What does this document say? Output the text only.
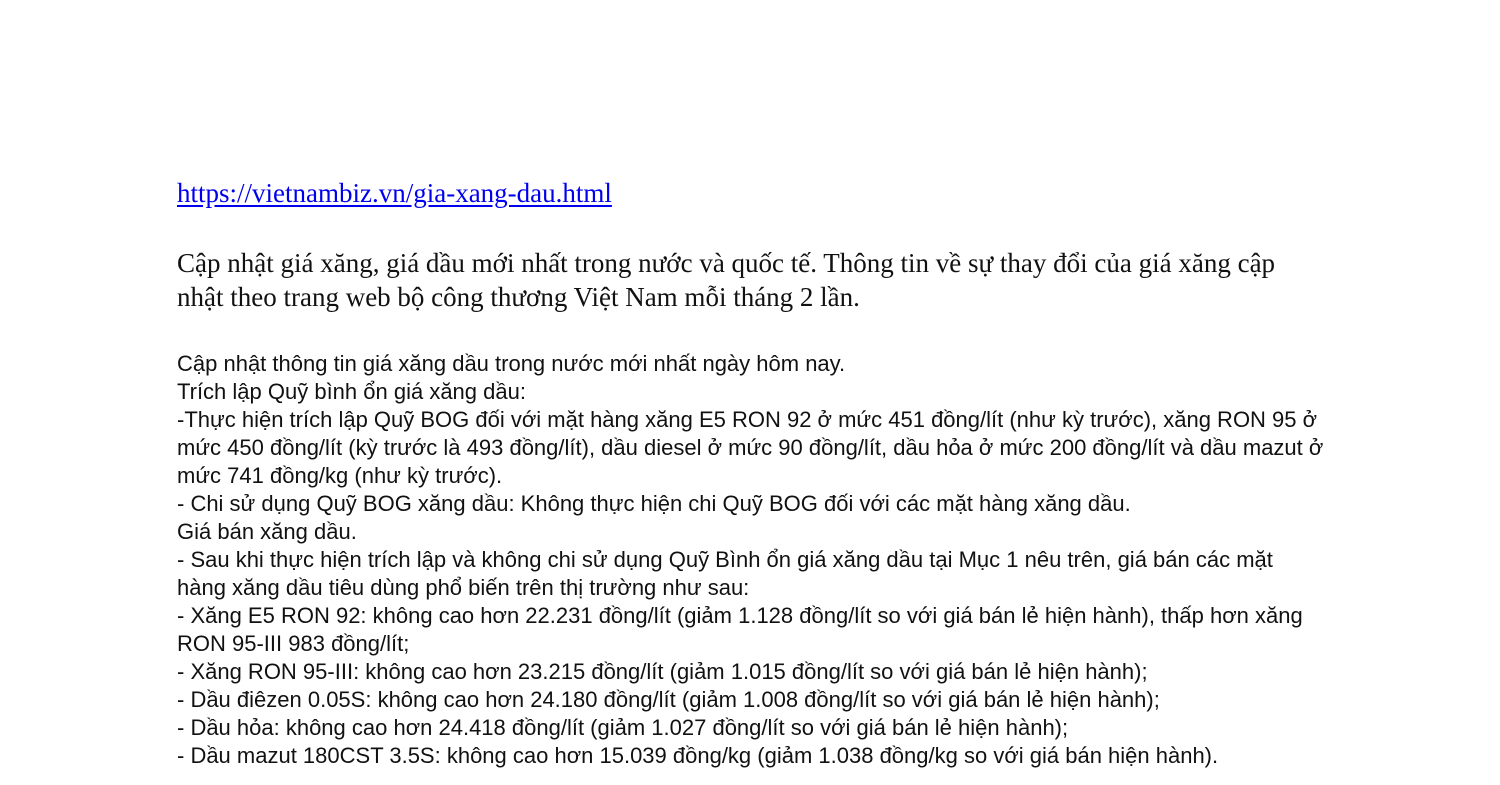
https://vietnambiz.vn/gia-xang-dau.html

Cập nhật giá xăng, giá dầu mới nhất trong nước và quốc tế. Thông tin về sự thay đổi của giá xăng cập nhật theo trang web bộ công thương Việt Nam mỗi tháng 2 lần.

Cập nhật thông tin giá xăng dầu trong nước mới nhất ngày hôm nay.

Trích lập Quỹ bình ổn giá xăng dầu:

-Thực hiện trích lập Quỹ BOG đối với mặt hàng xăng E5 RON 92 ở mức 451 đồng/lít (như kỳ trước), xăng RON 95 ở mức 450 đồng/lít (kỳ trước là 493 đồng/lít), dầu diesel ở mức 90 đồng/lít, dầu hỏa ở mức 200 đồng/lít và dầu mazut ở mức 741 đồng/kg (như kỳ trước).

- Chi sử dụng Quỹ BOG xăng dầu: Không thực hiện chi Quỹ BOG đối với các mặt hàng xăng dầu.

Giá bán xăng dầu.

- Sau khi thực hiện trích lập và không chi sử dụng Quỹ Bình ổn giá xăng dầu tại Mục 1 nêu trên, giá bán các mặt hàng xăng dầu tiêu dùng phổ biến trên thị trường như sau:

- Xăng E5 RON 92: không cao hơn 22.231 đồng/lít (giảm 1.128 đồng/lít so với giá bán lẻ hiện hành), thấp hơn xăng RON 95-III 983 đồng/lít;

- Xăng RON 95-III: không cao hơn 23.215 đồng/lít (giảm 1.015 đồng/lít so với giá bán lẻ hiện hành);

- Dầu điêzen 0.05S: không cao hơn 24.180 đồng/lít (giảm 1.008 đồng/lít so với giá bán lẻ hiện hành);

- Dầu hỏa: không cao hơn 24.418 đồng/lít (giảm 1.027 đồng/lít so với giá bán lẻ hiện hành);

- Dầu mazut 180CST 3.5S: không cao hơn 15.039 đồng/kg (giảm 1.038 đồng/kg so với giá bán hiện hành).
